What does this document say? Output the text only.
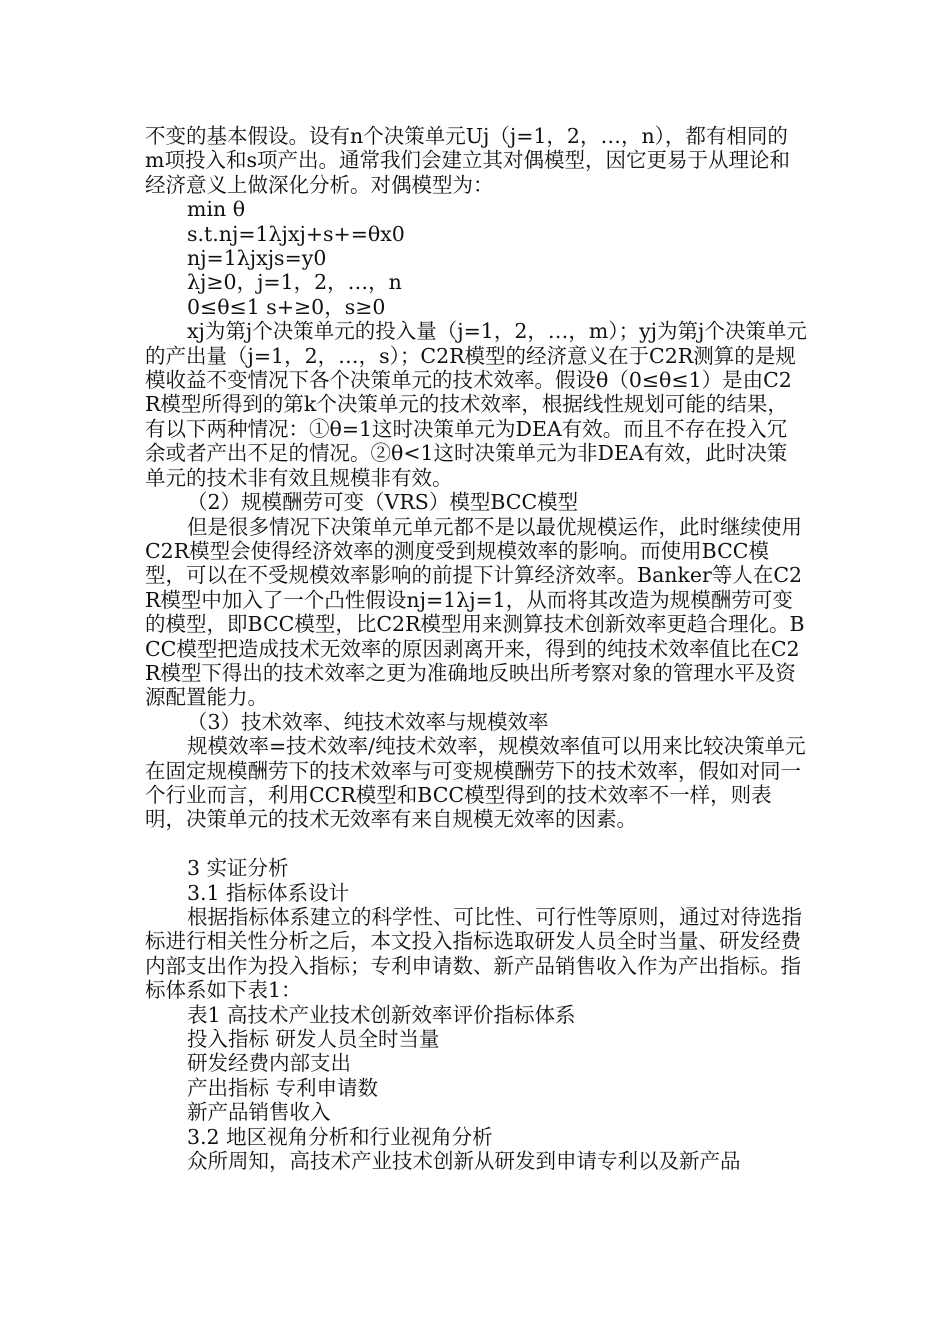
不变的基本假设。设有n个决策单元Uj（j=1，2，…，n），都有相同的m项投入和s项产出。通常我们会建立其对偶模型，因它更易于从理论和经济意义上做深化分析。对偶模型为：

min θ

s.t.nj=1λjxj+s+=θx0

nj=1λjxjs=y0

λj≥0，j=1，2，…，n

0≤θ≤1 s+≥0，s≥0

xj为第j个决策单元的投入量（j=1，2，…，m）；yj为第j个决策单元的产出量（j=1，2，…，s）；C2R模型的经济意义在于C2R测算的是规模收益不变情况下各个决策单元的技术效率。假设θ（0≤θ≤1）是由C2R模型所得到的第k个决策单元的技术效率，根据线性规划可能的结果，有以下两种情况：①θ=1这时决策单元为DEA有效。而且不存在投入冗余或者产出不足的情况。②θ<1这时决策单元为非DEA有效，此时决策单元的技术非有效且规模非有效。

（2）规模酬劳可变（VRS）模型BCC模型

但是很多情况下决策单元单元都不是以最优规模运作，此时继续使用C2R模型会使得经济效率的测度受到规模效率的影响。而使用BCC模型，可以在不受规模效率影响的前提下计算经济效率。Banker等人在C2R模型中加入了一个凸性假设nj=1λj=1，从而将其改造为规模酬劳可变的模型，即BCC模型，比C2R模型用来测算技术创新效率更趋合理化。BCC模型把造成技术无效率的原因剥离开来，得到的纯技术效率值比在C2R模型下得出的技术效率之更为准确地反映出所考察对象的管理水平及资源配置能力。

（3）技术效率、纯技术效率与规模效率

规模效率=技术效率/纯技术效率，规模效率值可以用来比较决策单元在固定规模酬劳下的技术效率与可变规模酬劳下的技术效率，假如对同一个行业而言，利用CCR模型和BCC模型得到的技术效率不一样，则表明，决策单元的技术无效率有来自规模无效率的因素。

3 实证分析

3.1 指标体系设计

根据指标体系建立的科学性、可比性、可行性等原则，通过对待选指标进行相关性分析之后，本文投入指标选取研发人员全时当量、研发经费内部支出作为投入指标；专利申请数、新产品销售收入作为产出指标。指标体系如下表1：

表1 高技术产业技术创新效率评价指标体系

投入指标 研发人员全时当量

研发经费内部支出

产出指标 专利申请数

新产品销售收入

3.2 地区视角分析和行业视角分析

众所周知，高技术产业技术创新从研发到申请专利以及新产品
